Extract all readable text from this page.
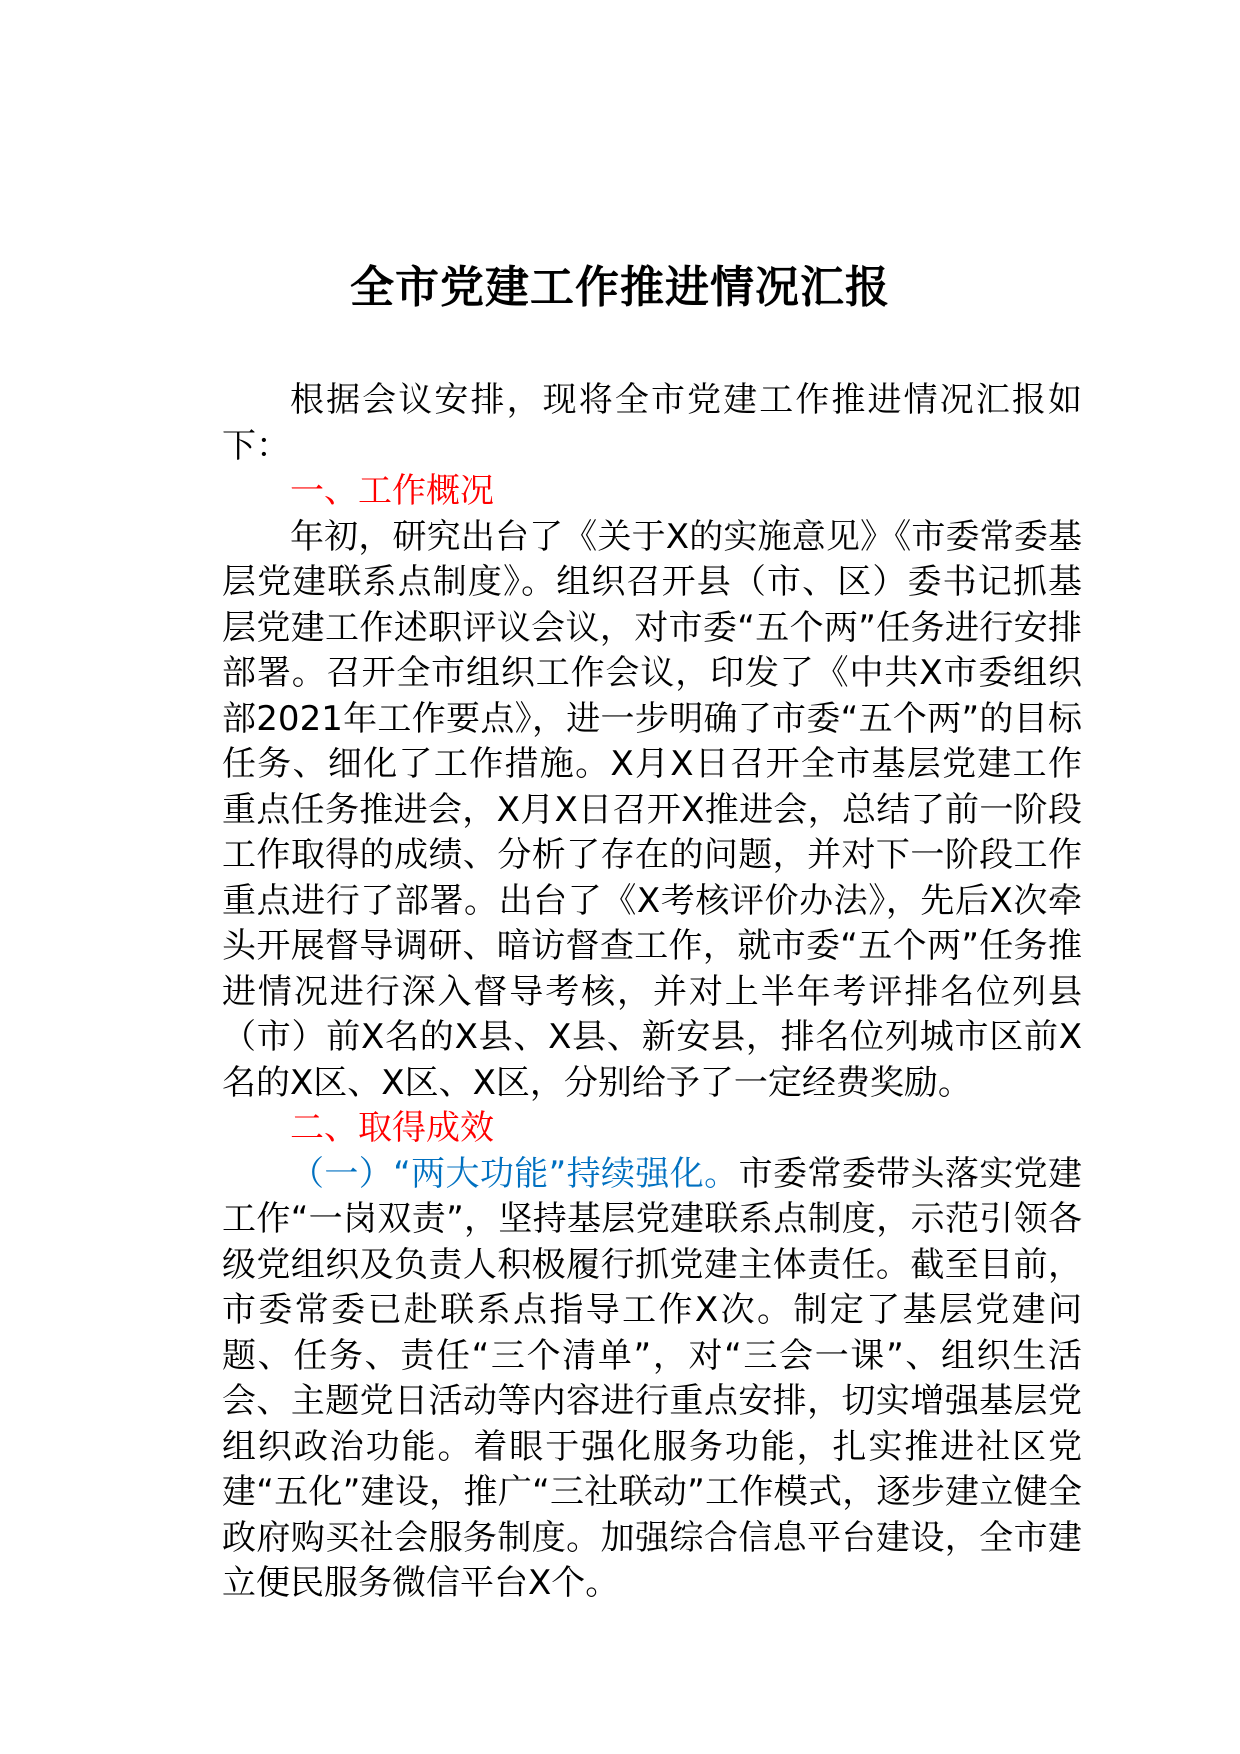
全市党建工作推进情况汇报

根据会议安排，现将全市党建工作推进情况汇报如下：

一、工作概况

年初，研究出台了《关于X的实施意见》《市委常委基层党建联系点制度》。组织召开县（市、区）委书记抓基层党建工作述职评议会议，对市委“五个两”任务进行安排部署。召开全市组织工作会议，印发了《中共X市委组织部2021年工作要点》，进一步明确了市委“五个两”的目标任务、细化了工作措施。X月X日召开全市基层党建工作重点任务推进会，X月X日召开X推进会，总结了前一阶段工作取得的成绩、分析了存在的问题，并对下一阶段工作重点进行了部署。出台了《X考核评价办法》，先后X次牵头开展督导调研、暗访督查工作，就市委“五个两”任务推进情况进行深入督导考核，并对上半年考评排名位列县（市）前X名的X县、X县、新安县，排名位列城市区前X名的X区、X区、X区，分别给予了一定经费奖励。

二、取得成效

（一）“两大功能”持续强化。市委常委带头落实党建工作“一岗双责”，坚持基层党建联系点制度，示范引领各级党组织及负责人积极履行抓党建主体责任。截至目前，市委常委已赴联系点指导工作X次。制定了基层党建问题、任务、责任“三个清单”，对“三会一课”、组织生活会、主题党日活动等内容进行重点安排，切实增强基层党组织政治功能。着眼于强化服务功能，扎实推进社区党建“五化”建设，推广“三社联动”工作模式，逐步建立健全政府购买社会服务制度。加强综合信息平台建设，全市建立便民服务微信平台X个。
